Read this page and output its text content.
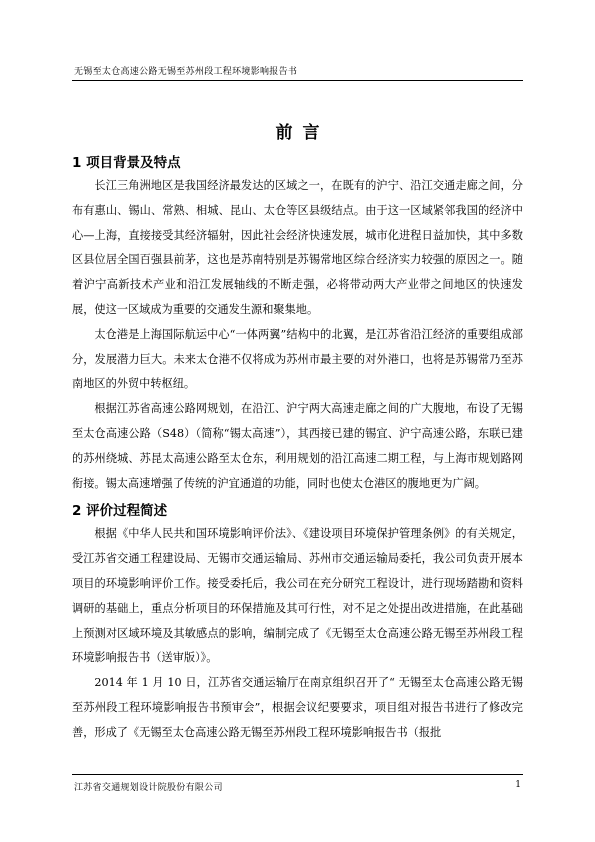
无锡至太仓高速公路无锡至苏州段工程环境影响报告书
前言
1 项目背景及特点

长江三角洲地区是我国经济最发达的区域之一，在既有的沪宁、沿江交通走廊之间，分布有惠山、锡山、常熟、相城、昆山、太仓等区县级结点。由于这一区域紧邻我国的经济中心—上海，直接接受其经济辐射，因此社会经济快速发展，城市化进程日益加快，其中多数区县位居全国百强县前茅，这也是苏南特别是苏锡常地区综合经济实力较强的原因之一。随着沪宁高新技术产业和沿江发展轴线的不断走强，必将带动两大产业带之间地区的快速发展，使这一区域成为重要的交通发生源和聚集地。

太仓港是上海国际航运中心“一体两翼”结构中的北翼，是江苏省沿江经济的重要组成部分，发展潜力巨大。未来太仓港不仅将成为苏州市最主要的对外港口，也将是苏锡常乃至苏南地区的外贸中转枢纽。

根据江苏省高速公路网规划，在沿江、沪宁两大高速走廊之间的广大腹地，布设了无锡至太仓高速公路（S48）（简称“锡太高速”），其西接已建的锡宜、沪宁高速公路，东联已建的苏州绕城、苏昆太高速公路至太仓东，利用规划的沿江高速二期工程，与上海市规划路网衔接。锡太高速增强了传统的沪宜通道的功能，同时也使太仓港区的腹地更为广阔。

2 评价过程简述

根据《中华人民共和国环境影响评价法》、《建设项目环境保护管理条例》的有关规定，受江苏省交通工程建设局、无锡市交通运输局、苏州市交通运输局委托，我公司负责开展本项目的环境影响评价工作。接受委托后，我公司在充分研究工程设计，进行现场踏勘和资料调研的基础上，重点分析项目的环保措施及其可行性，对不足之处提出改进措施，在此基础上预测对区域环境及其敏感点的影响，编制完成了《无锡至太仓高速公路无锡至苏州段工程环境影响报告书（送审版）》。

2014 年 1 月 10 日，江苏省交通运输厅在南京组织召开了“ 无锡至太仓高速公路无锡至苏州段工程环境影响报告书预审会”，根据会议纪要要求，项目组对报告书进行了修改完善，形成了《无锡至太仓高速公路无锡至苏州段工程环境影响报告书（报批

江苏省交通规划设计院股份有限公司	1
